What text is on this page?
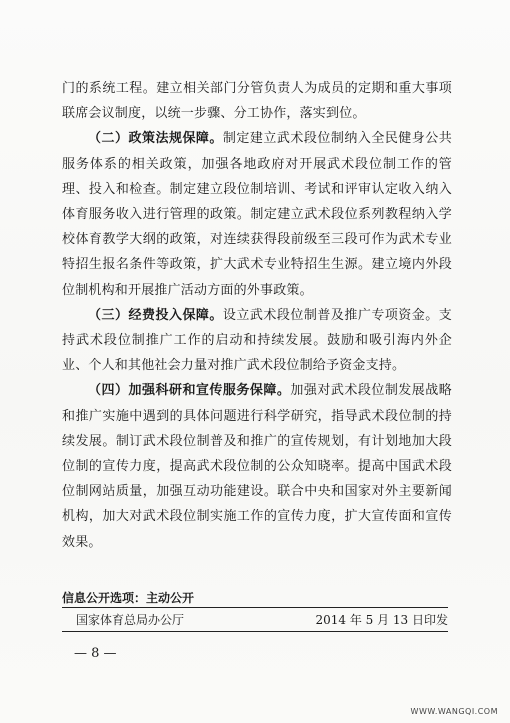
门的系统工程。建立相关部门分管负责人为成员的定期和重大事项联席会议制度，以统一步骤、分工协作，落实到位。

（二）政策法规保障。制定建立武术段位制纳入全民健身公共服务体系的相关政策，加强各地政府对开展武术段位制工作的管理、投入和检查。制定建立段位制培训、考试和评审认定收入纳入体育服务收入进行管理的政策。制定建立武术段位系列教程纳入学校体育教学大纲的政策，对连续获得段前级至三段可作为武术专业特招生报名条件等政策，扩大武术专业特招生生源。建立境内外段位制机构和开展推广活动方面的外事政策。

（三）经费投入保障。设立武术段位制普及推广专项资金。支持武术段位制推广工作的启动和持续发展。鼓励和吸引海内外企业、个人和其他社会力量对推广武术段位制给予资金支持。

（四）加强科研和宣传服务保障。加强对武术段位制发展战略和推广实施中遇到的具体问题进行科学研究，指导武术段位制的持续发展。制订武术段位制普及和推广的宣传规划，有计划地加大段位制的宣传力度，提高武术段位制的公众知晓率。提高中国武术段位制网站质量，加强互动功能建设。联合中央和国家对外主要新闻机构，加大对武术段位制实施工作的宣传力度，扩大宣传面和宣传效果。

信息公开选项：主动公开
国家体育总局办公厅	2014 年 5 月 13 日印发
— 8 —
WWW.WANGQI.COM
